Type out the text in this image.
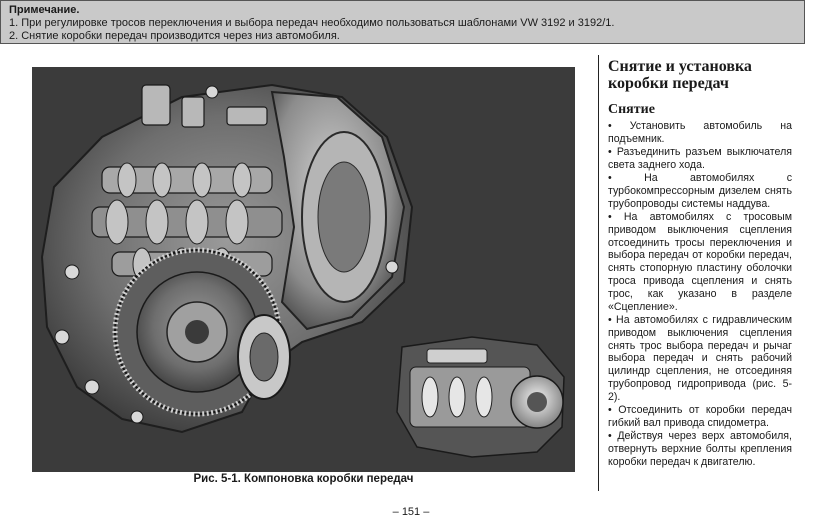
Примечание.
1. При регулировке тросов переключения и выбора передач необходимо пользоваться шаблонами VW 3192 и 3192/1.
2. Снятие коробки передач производится через низ автомобиля.
Рис. 5-1. Компоновка коробки передач
Снятие и установка коробки передач
Снятие
• Установить автомобиль на подъемник.
• Разъединить разъем выключателя света заднего хода.
• На автомобилях с турбокомпрессорным дизелем снять трубопроводы системы наддува.
• На автомобилях с тросовым приводом выключения сцепления отсоединить тросы переключения и выбора передач от коробки передач, снять стопорную пластину оболочки троса привода сцепления и снять трос, как указано в разделе «Сцепление».
• На автомобилях с гидравлическим приводом выключения сцепления снять трос выбора передач и рычаг выбора передач и снять рабочий цилиндр сцепления, не отсоединяя трубопровод гидропривода (рис. 5-2).
• Отсоединить от коробки передач гибкий вал привода спидометра.
• Действуя через верх автомобиля, отвернуть верхние болты крепления коробки передач к двигателю.
– 151 –
